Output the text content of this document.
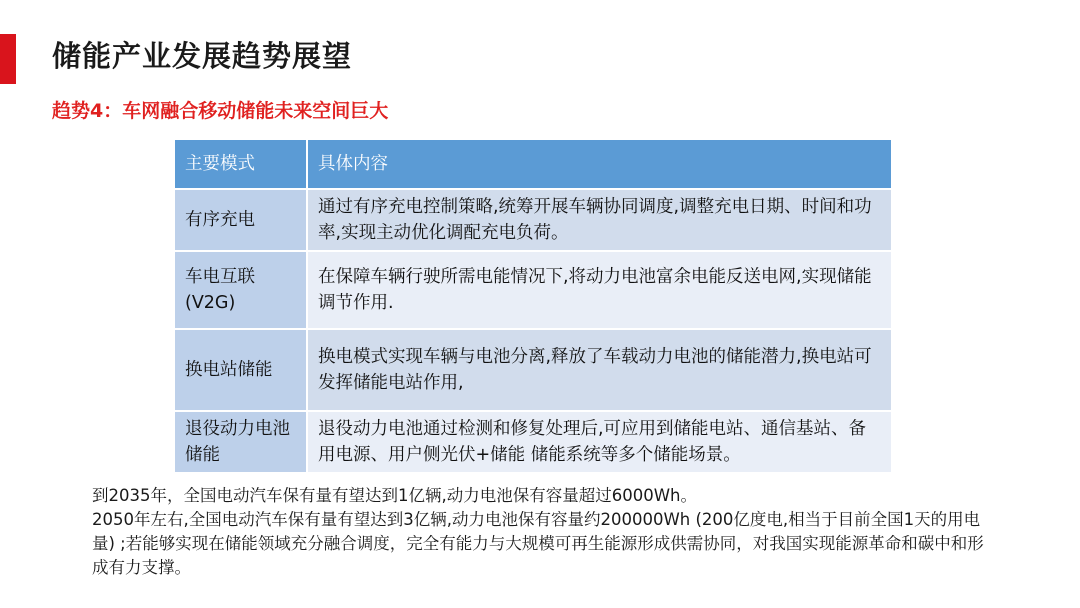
储能产业发展趋势展望
趋势4：车网融合移动储能未来空间巨大
主要模式	具体内容
有序充电	通过有序充电控制策略,统筹开展车辆协同调度,调整充电日期、时间和功率,实现主动优化调配充电负荷。
车电互联(V2G)	在保障车辆行驶所需电能情况下,将动力电池富余电能反送电网,实现储能调节作用.
换电站储能	换电模式实现车辆与电池分离,释放了车载动力电池的储能潜力,换电站可发挥储能电站作用,
退役动力电池 储能	退役动力电池通过检测和修复处理后,可应用到储能电站、通信基站、备用电源、用户侧光伏+储能 储能系统等多个储能场景。

到2035年，全国电动汽车保有量有望达到1亿辆,动力电池保有容量超过6000Wh。

2050年左右,全国电动汽车保有量有望达到3亿辆,动力电池保有容量约200000Wh (200亿度电,相当于目前全国1天的用电量) ;若能够实现在储能领域充分融合调度，完全有能力与大规模可再生能源形成供需协同，对我国实现能源革命和碳中和形成有力支撑。
